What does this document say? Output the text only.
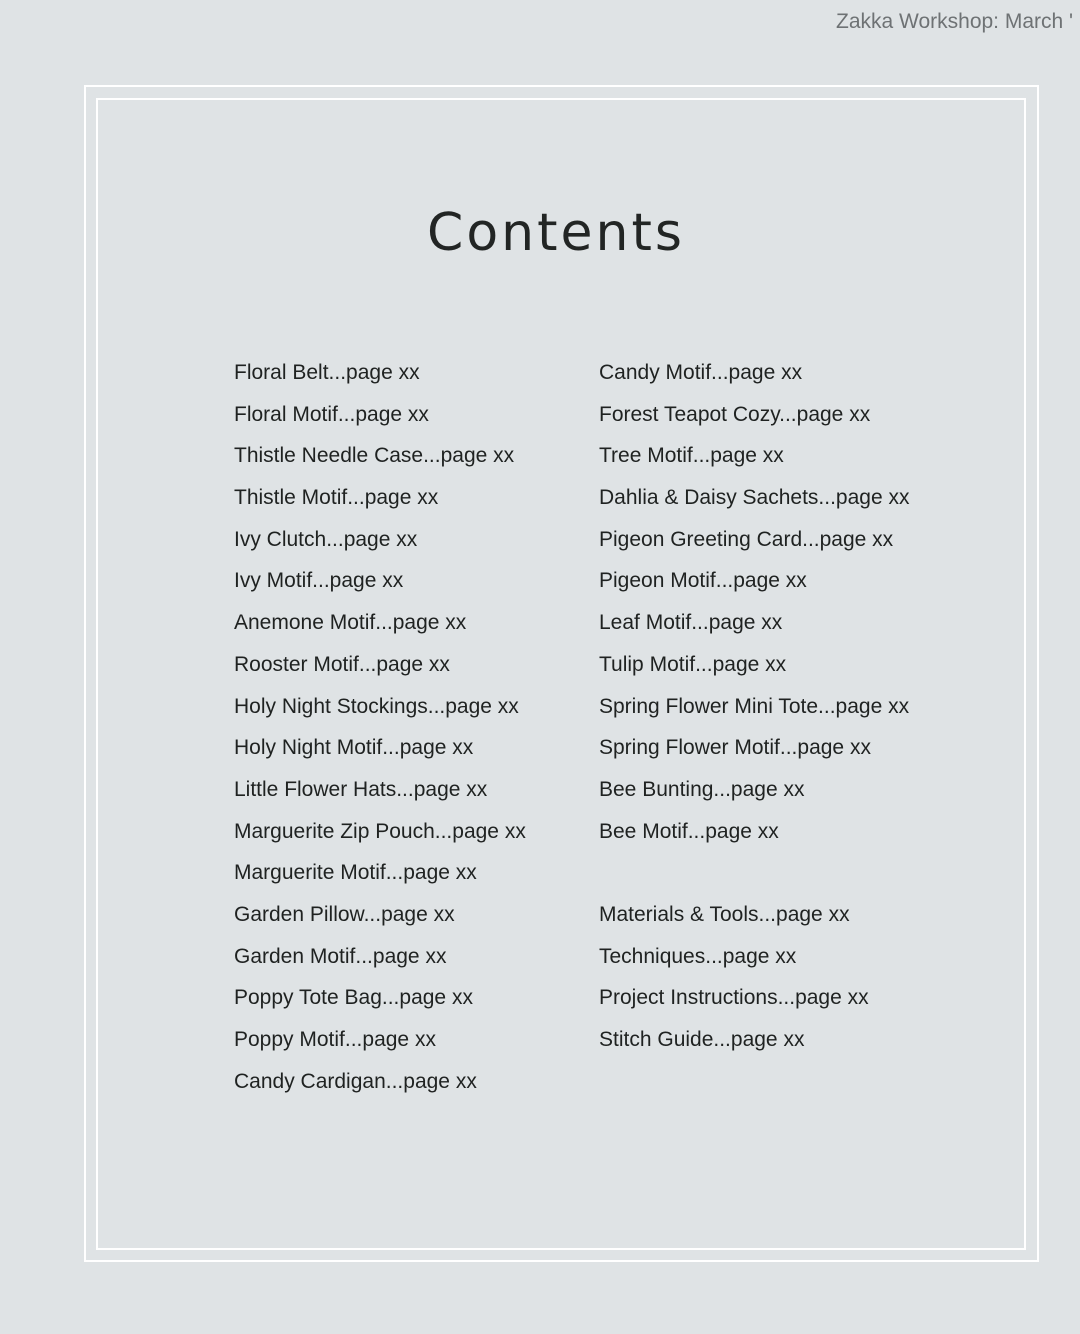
Zakka Workshop: March '
Contents
Floral Belt...page xx
Floral Motif...page xx
Thistle Needle Case...page xx
Thistle Motif...page xx
Ivy Clutch...page xx
Ivy Motif...page xx
Anemone Motif...page xx
Rooster Motif...page xx
Holy Night Stockings...page xx
Holy Night Motif...page xx
Little Flower Hats...page xx
Marguerite Zip Pouch...page xx
Marguerite Motif...page xx
Garden Pillow...page xx
Garden Motif...page xx
Poppy Tote Bag...page xx
Poppy Motif...page xx
Candy Cardigan...page xx
Candy Motif...page xx
Forest Teapot Cozy...page xx
Tree Motif...page xx
Dahlia & Daisy Sachets...page xx
Pigeon Greeting Card...page xx
Pigeon Motif...page xx
Leaf Motif...page xx
Tulip Motif...page xx
Spring Flower Mini Tote...page xx
Spring Flower Motif...page xx
Bee Bunting...page xx
Bee Motif...page xx
Materials & Tools...page xx
Techniques...page xx
Project Instructions...page xx
Stitch Guide...page xx
